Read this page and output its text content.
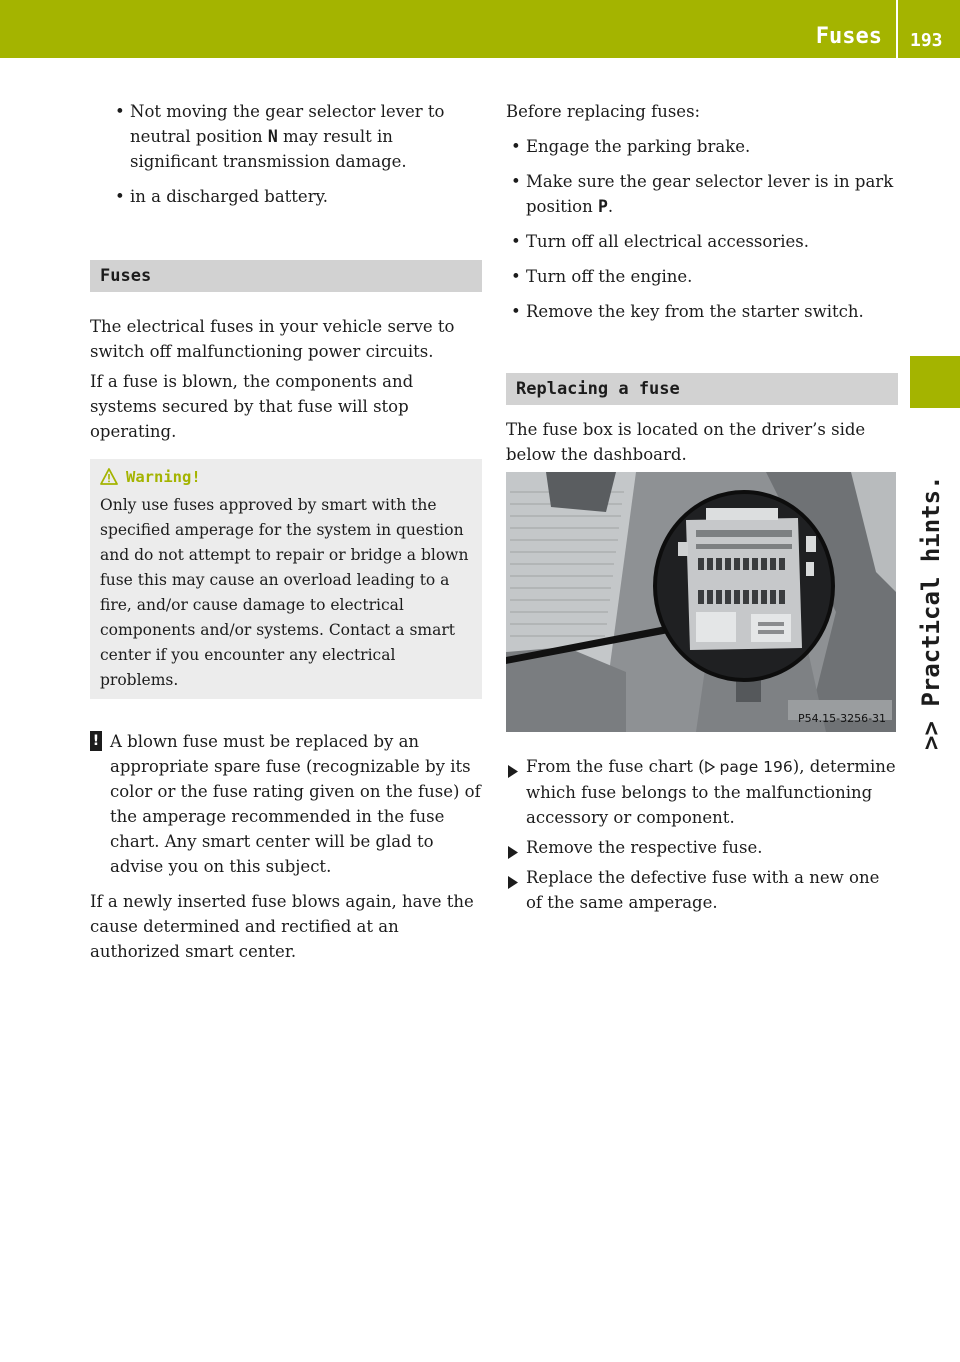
Fuses 193
>> Practical hints.
• Not moving the gear selector lever to neutral position N may result in significant transmission damage.
• in a discharged battery.
Fuses

The electrical fuses in your vehicle serve to switch off malfunctioning power circuits.

If a fuse is blown, the components and systems secured by that fuse will stop operating.

Warning!
Only use fuses approved by smart with the specified amperage for the system in question and do not attempt to repair or bridge a blown fuse this may cause an overload leading to a fire, and/or cause damage to electrical components and/or systems. Contact a smart center if you encounter any electrical problems.
! A blown fuse must be replaced by an appropriate spare fuse (recognizable by its color or the fuse rating given on the fuse) of the amperage recommended in the fuse chart. Any smart center will be glad to advise you on this subject.

If a newly inserted fuse blows again, have the cause determined and rectified at an authorized smart center.

Before replacing fuses:

• Engage the parking brake.
• Make sure the gear selector lever is in park position P.
• Turn off all electrical accessories.
• Turn off the engine.
• Remove the key from the starter switch.
Replacing a fuse

The fuse box is located on the driver’s side below the dashboard.

P54.15-3256-31
From the fuse chart ( page 196), determine which fuse belongs to the malfunctioning accessory or component.
Remove the respective fuse.
Replace the defective fuse with a new one of the same amperage.
